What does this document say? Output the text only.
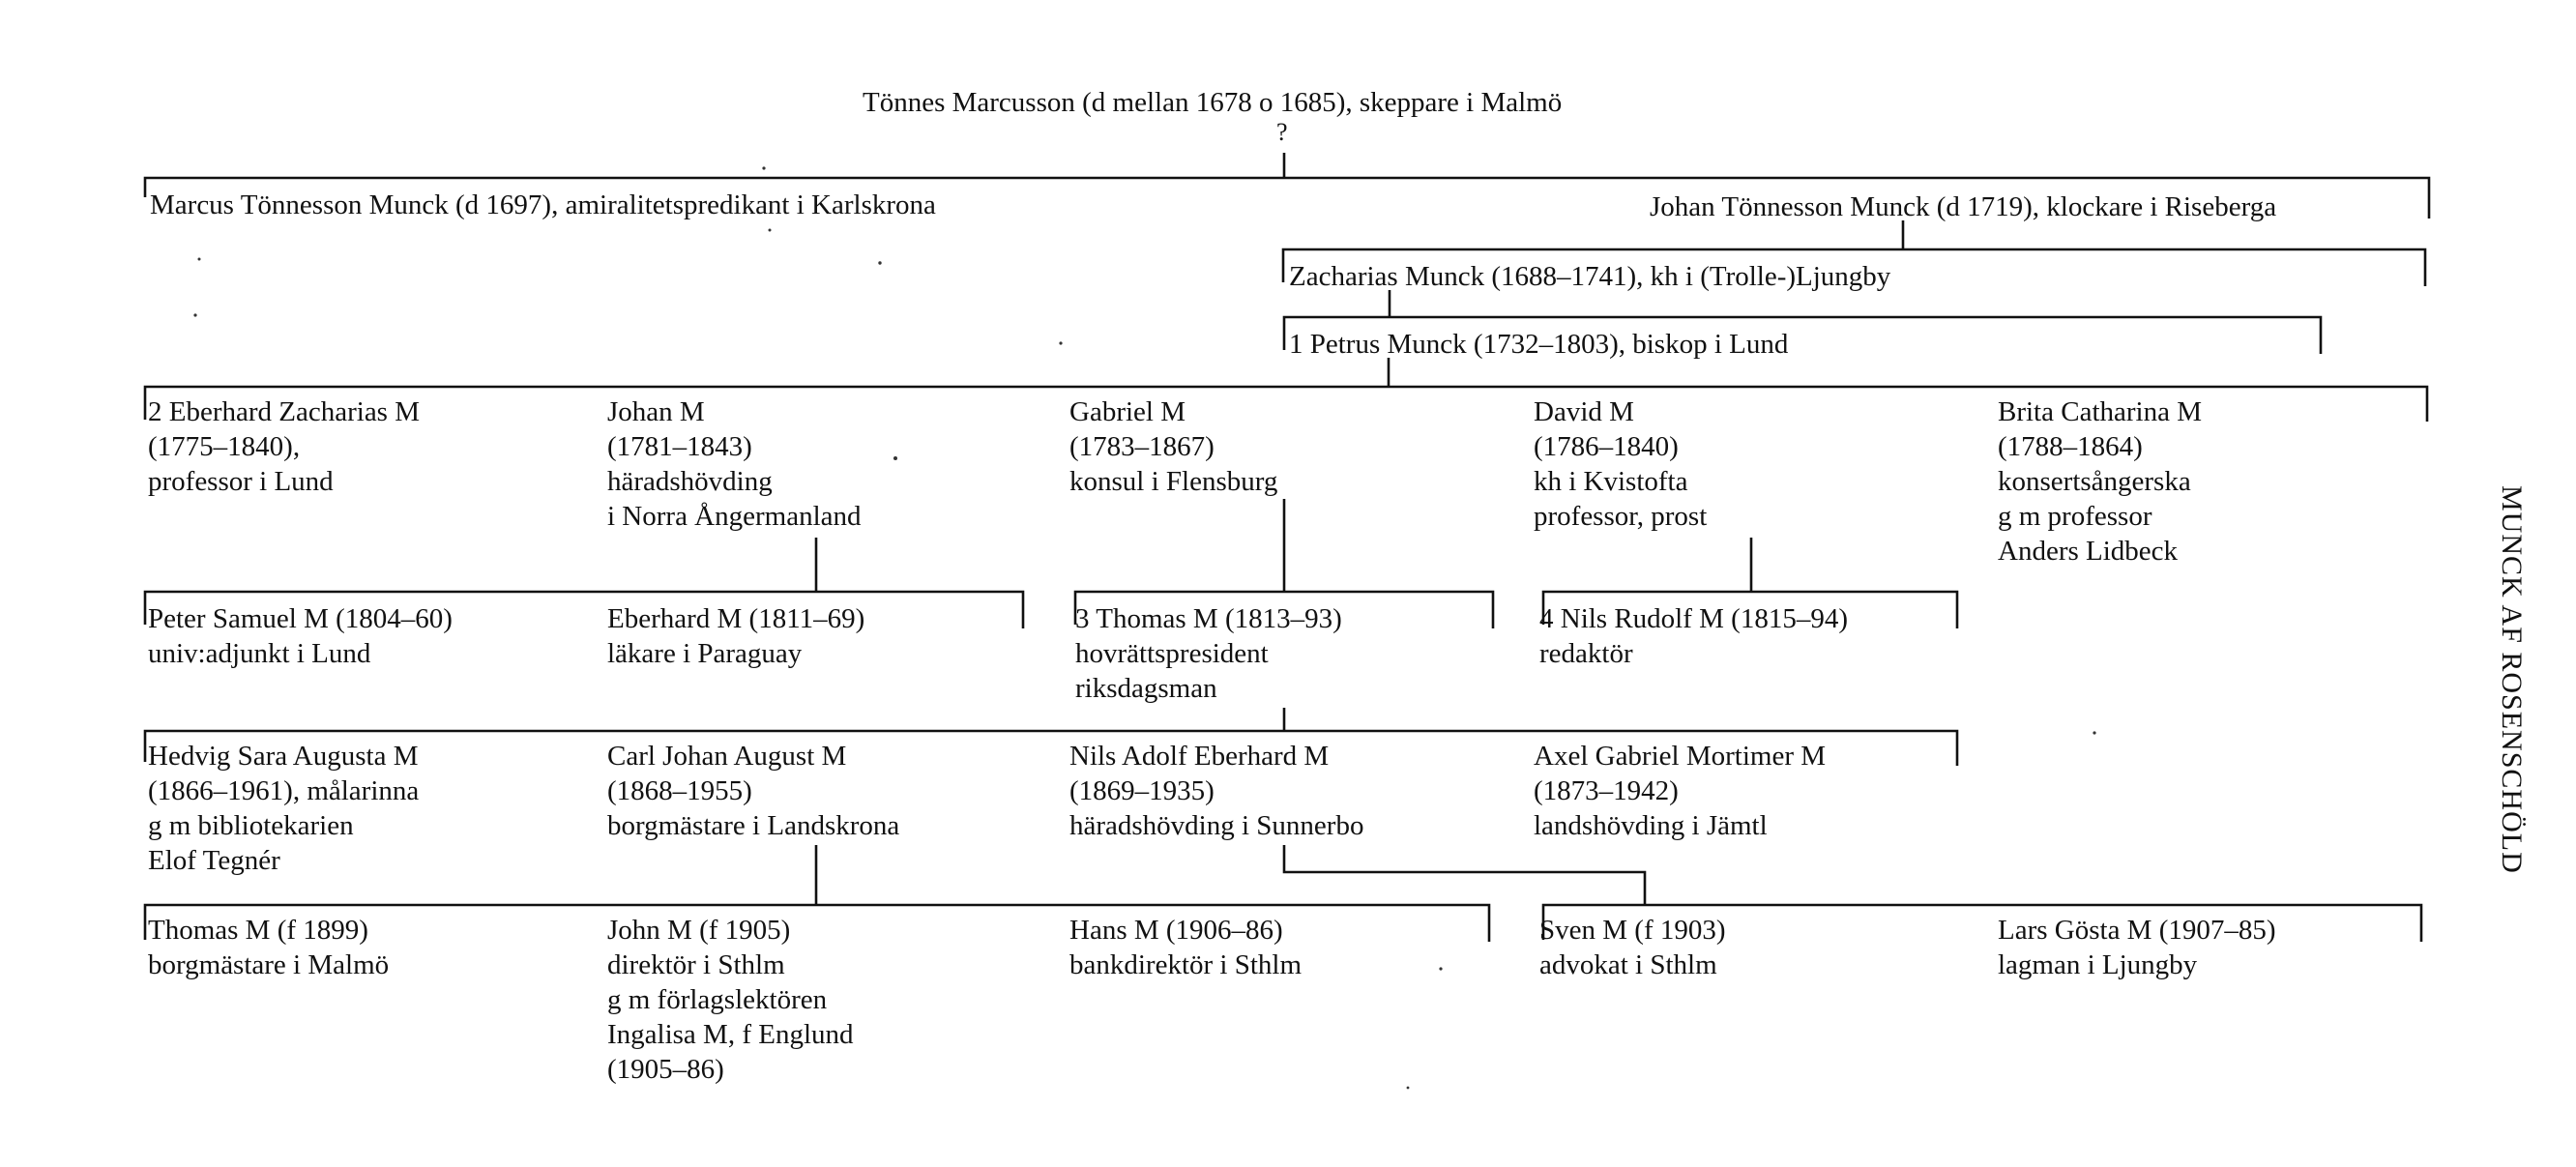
Tönnes Marcusson (d mellan 1678 o 1685), skeppare i Malmö
?
Marcus Tönnesson Munck (d 1697), amiralitetspredikant i Karlskrona	Johan Tönnesson Munck (d 1719), klockare i Riseberga
Zacharias Munck (1688–1741), kh i (Trolle-)Ljungby
1 Petrus Munck (1732–1803), biskop i Lund

2 Eberhard Zacharias M

(1775–1840),

professor i Lund

Johan M

(1781–1843)

häradshövding

i Norra Ångermanland

Gabriel M

(1783–1867)

konsul i Flensburg

David M

(1786–1840)

kh i Kvistofta

professor, prost

Brita Catharina M

(1788–1864)

konsertsångerska

g m professor

Anders Lidbeck

Peter Samuel M (1804–60)

univ:adjunkt i Lund

Eberhard M (1811–69)

läkare i Paraguay

3 Thomas M (1813–93)

hovrättspresident

riksdagsman

4 Nils Rudolf M (1815–94)

redaktör

Hedvig Sara Augusta M

(1866–1961), målarinna

g m bibliotekarien

Elof Tegnér

Carl Johan August M

(1868–1955)

borgmästare i Landskrona

Nils Adolf Eberhard M

(1869–1935)

häradshövding i Sunnerbo

Axel Gabriel Mortimer M

(1873–1942)

landshövding i Jämtl

Thomas M (f 1899)

borgmästare i Malmö

John M (f 1905)

direktör i Sthlm

g m förlagslektören

Ingalisa M, f Englund

(1905–86)

Hans M (1906–86)

bankdirektör i Sthlm

Sven M (f 1903)

advokat i Sthlm

Lars Gösta M (1907–85)

lagman i Ljungby

MUNCK AF ROSENSCHÖLD
